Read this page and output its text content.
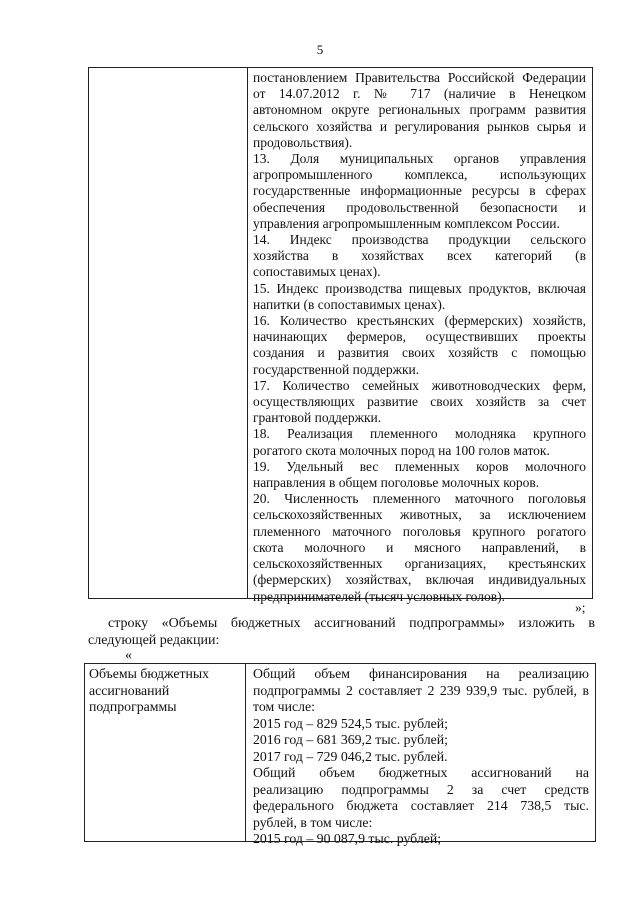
5
постановлением Правительства Российской Федерации
от 14.07.2012 г. № 717 (наличие в Ненецком
автономном округе региональных программ развития
сельского хозяйства и регулирования рынков сырья и
продовольствия).
13. Доля муниципальных органов управления
агропромышленного комплекса, использующих
государственные информационные ресурсы в сферах
обеспечения продовольственной безопасности и
управления агропромышленным комплексом России.
14. Индекс производства продукции сельского
хозяйства в хозяйствах всех категорий (в
сопоставимых ценах).
15. Индекс производства пищевых продуктов, включая
напитки (в сопоставимых ценах).
16. Количество крестьянских (фермерских) хозяйств,
начинающих фермеров, осуществивших проекты
создания и развития своих хозяйств с помощью
государственной поддержки.
17. Количество семейных животноводческих ферм,
осуществляющих развитие своих хозяйств за счет
грантовой поддержки.
18. Реализация племенного молодняка крупного
рогатого скота молочных пород на 100 голов маток.
19. Удельный вес племенных коров молочного
направления в общем поголовье молочных коров.
20. Численность племенного маточного поголовья
сельскохозяйственных животных, за исключением
племенного маточного поголовья крупного рогатого
скота молочного и мясного направлений, в
сельскохозяйственных организациях, крестьянских
(фермерских) хозяйствах, включая индивидуальных
предпринимателей (тысяч условных голов).
»;
строку «Объемы бюджетных ассигнований подпрограммы» изложить в
следующей редакции:
«
Объемы бюджетных
ассигнований
подпрограммы
Общий объем финансирования на реализацию
подпрограммы 2 составляет 2 239 939,9 тыс. рублей, в
том числе:
2015 год – 829 524,5 тыс. рублей;
2016 год – 681 369,2 тыс. рублей;
2017 год – 729 046,2 тыс. рублей.
Общий объем бюджетных ассигнований на
реализацию подпрограммы 2 за счет средств
федерального бюджета составляет 214 738,5 тыс.
рублей, в том числе:
2015 год – 90 087,9 тыс. рублей;
